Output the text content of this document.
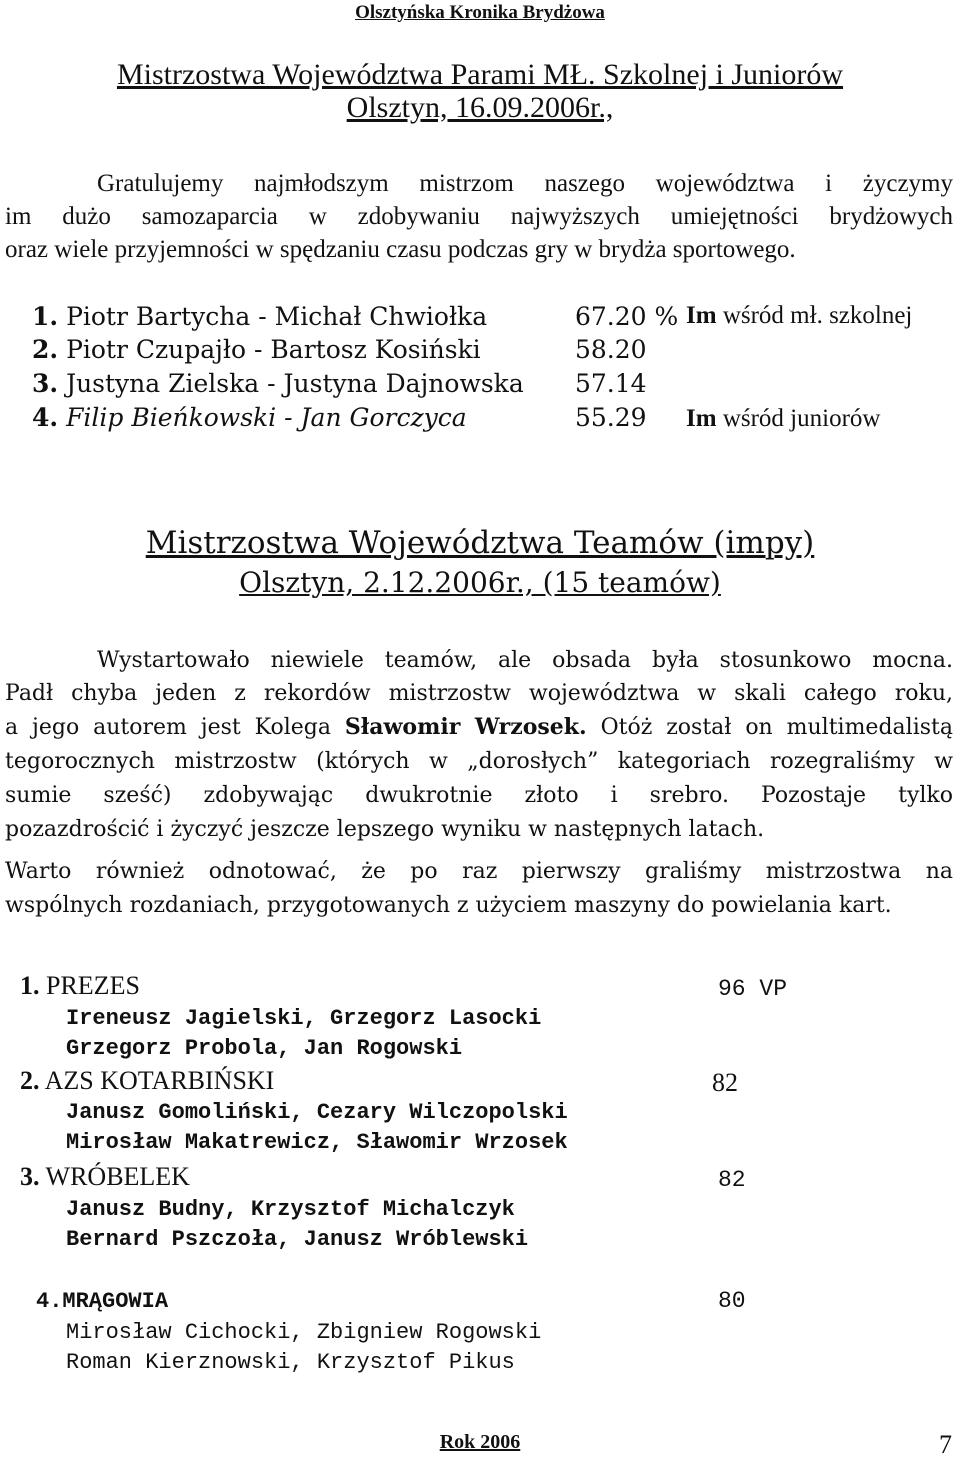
Olsztyńska Kronika Brydżowa
Mistrzostwa Województwa Parami MŁ. Szkolnej i Juniorów
Olsztyn, 16.09.2006r.,
Gratulujemy najmłodszym mistrzom naszego województwa i życzymy
im dużo samozaparcia w zdobywaniu najwyższych umiejętności brydżowych
oraz wiele przyjemności w spędzaniu czasu podczas gry w brydża sportowego.
1. Piotr Bartycha - Michał Chwiołka	67.20 % Im wśród mł. szkolnej
2. Piotr Czupajło - Bartosz Kosiński	58.20
3. Justyna Zielska - Justyna Dajnowska 57.14
4. Filip Bieńkowski - Jan Gorczyca	55.29 Im wśród juniorów
Mistrzostwa Województwa Teamów (impy)
Olsztyn, 2.12.2006r., (15 teamów)
Wystartowało niewiele teamów, ale obsada była stosunkowo mocna.
Padł chyba jeden z rekordów mistrzostw województwa w skali całego roku,
a jego autorem jest Kolega Sławomir Wrzosek. Otóż został on multimedalistą
tegorocznych mistrzostw (których w „dorosłych” kategoriach rozegraliśmy w
sumie sześć) zdobywając dwukrotnie złoto i srebro. Pozostaje tylko
pozazdrościć i życzyć jeszcze lepszego wyniku w następnych latach.
Warto również odnotować, że po raz pierwszy graliśmy mistrzostwa na
wspólnych rozdaniach, przygotowanych z użyciem maszyny do powielania kart.
1. PREZES	96 VP
Ireneusz Jagielski, Grzegorz Lasocki
Grzegorz Probola, Jan Rogowski
2. AZS KOTARBIŃSKI	82
Janusz Gomoliński, Cezary Wilczopolski
Mirosław Makatrewicz, Sławomir Wrzosek
3. WRÓBELEK	82
Janusz Budny, Krzysztof Michalczyk
Bernard Pszczoła, Janusz Wróblewski
4.MRĄGOWIA	80
Mirosław Cichocki, Zbigniew Rogowski
Roman Kierznowski, Krzysztof Pikus
Rok 2006	7
